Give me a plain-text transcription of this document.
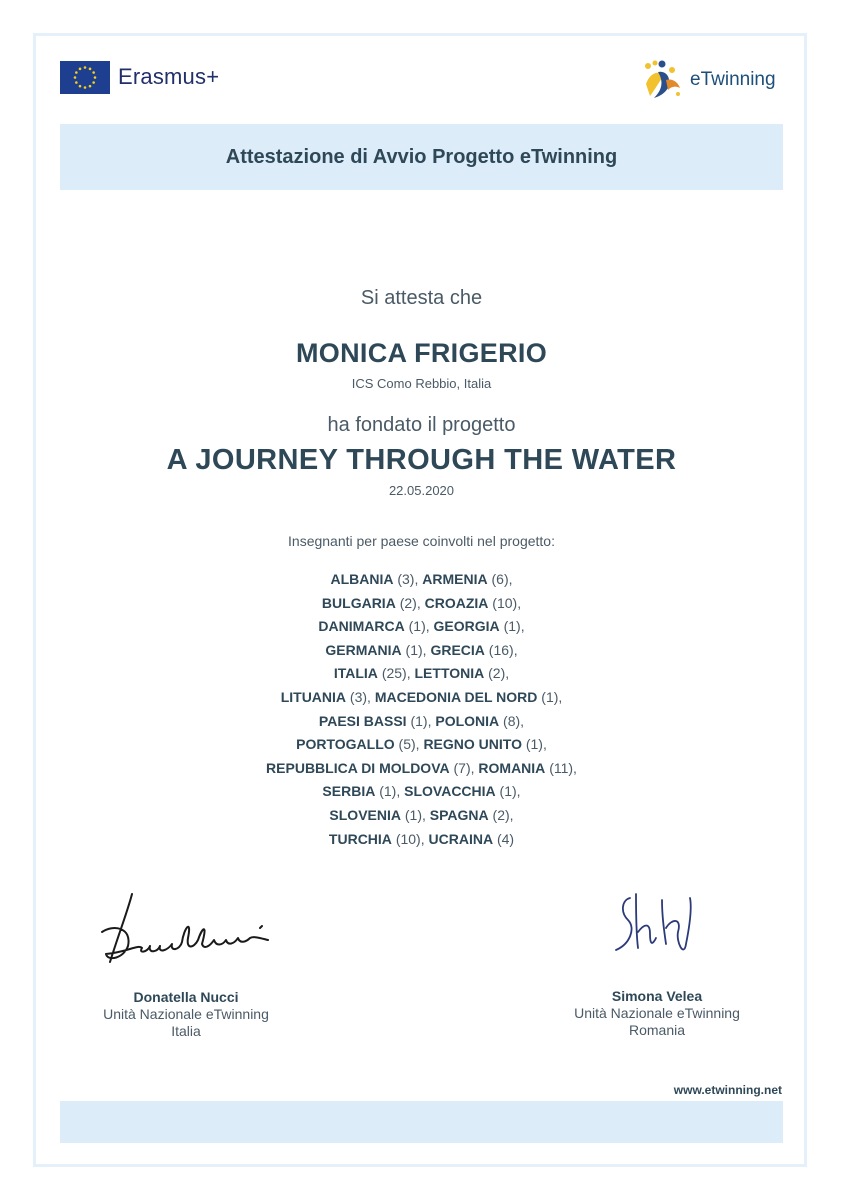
Erasmus+	eTwinning
Attestazione di Avvio Progetto eTwinning
Si attesta che
MONICA FRIGERIO
ICS Como Rebbio, Italia
ha fondato il progetto
A JOURNEY THROUGH THE WATER
22.05.2020
Insegnanti per paese coinvolti nel progetto:
ALBANIA (3), ARMENIA (6),
BULGARIA (2), CROAZIA (10),
DANIMARCA (1), GEORGIA (1),
GERMANIA (1), GRECIA (16),
ITALIA (25), LETTONIA (2),
LITUANIA (3), MACEDONIA DEL NORD (1),
PAESI BASSI (1), POLONIA (8),
PORTOGALLO (5), REGNO UNITO (1),
REPUBBLICA DI MOLDOVA (7), ROMANIA (11),
SERBIA (1), SLOVACCHIA (1),
SLOVENIA (1), SPAGNA (2),
TURCHIA (10), UCRAINA (4)
Donatella Nucci
Unità Nazionale eTwinning
Italia
Simona Velea
Unità Nazionale eTwinning
Romania
www.etwinning.net
